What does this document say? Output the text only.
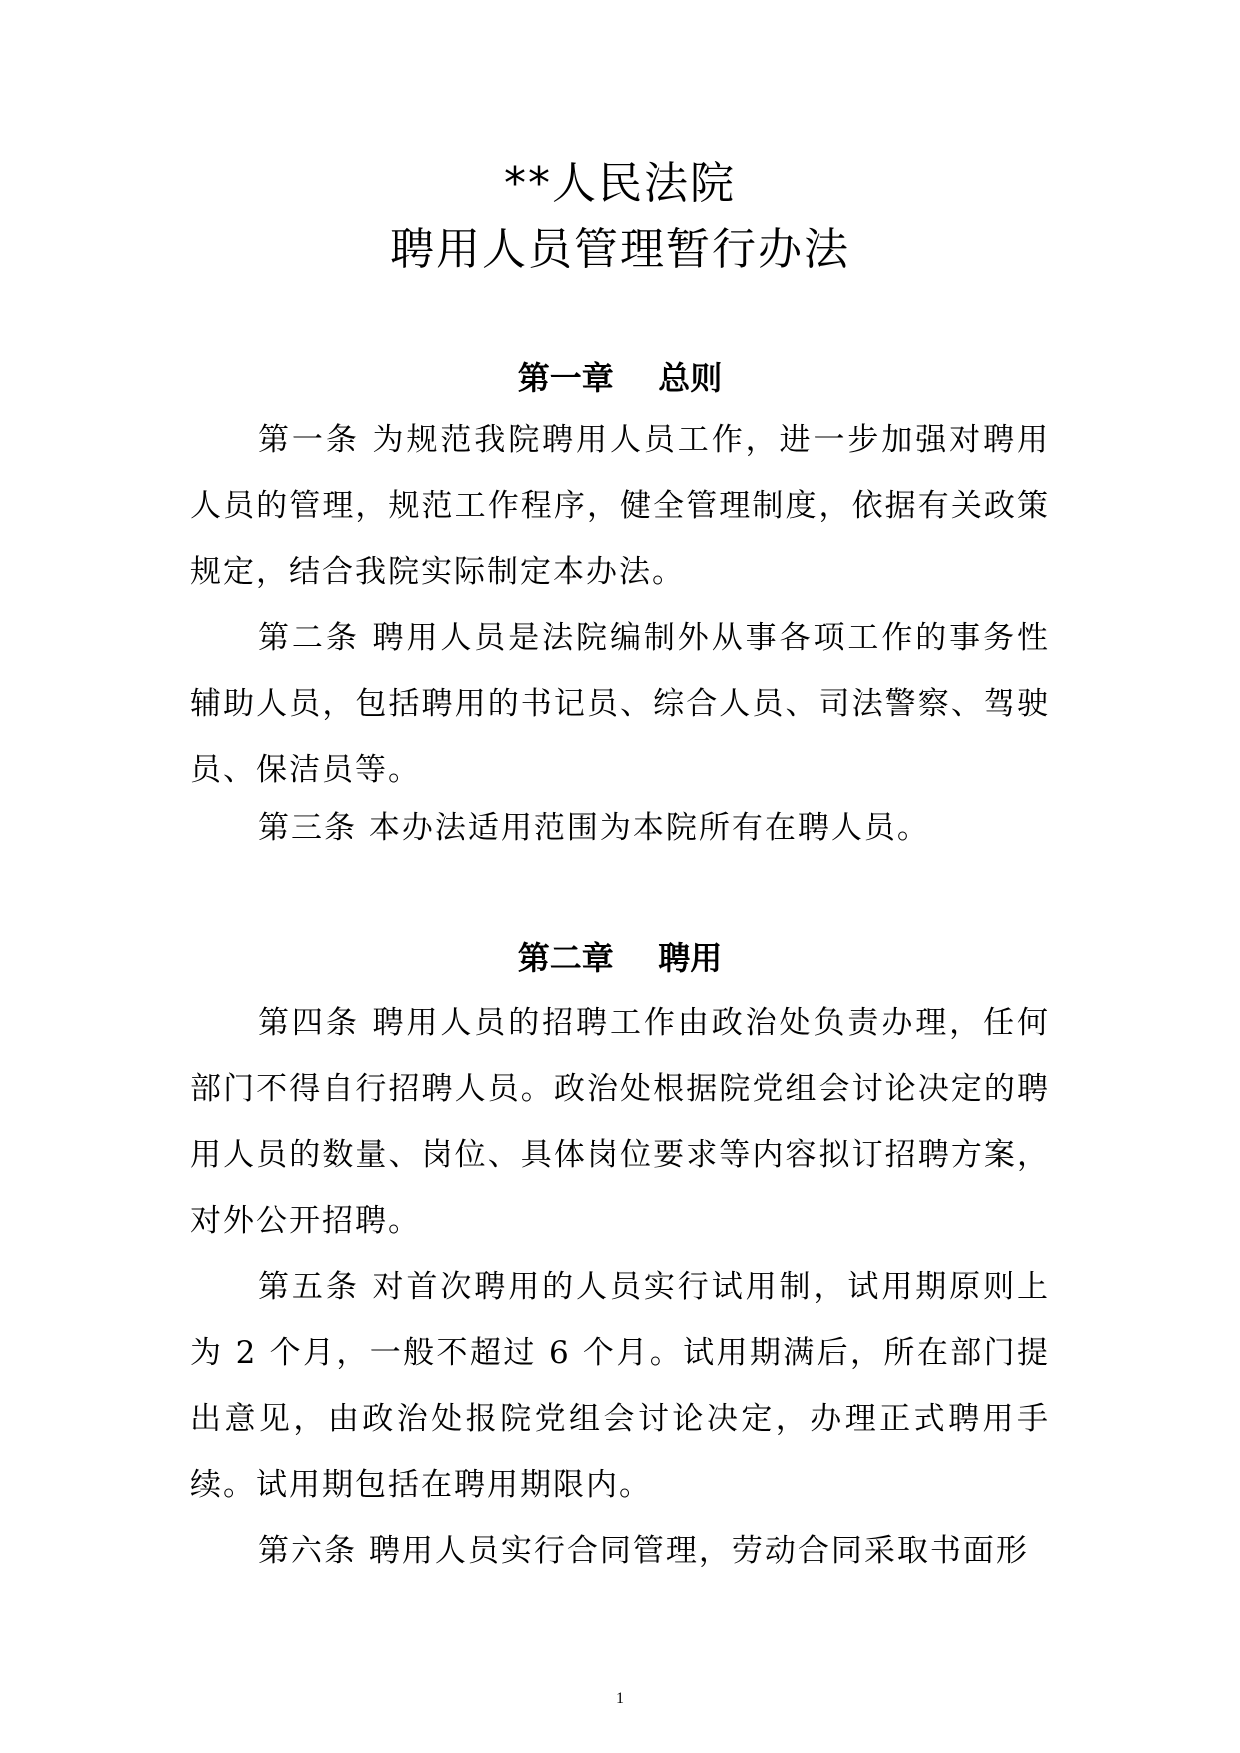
**人民法院
聘用人员管理暂行办法
第一章    总则

第一条 为规范我院聘用人员工作，进一步加强对聘用人员的管理，规范工作程序，健全管理制度，依据有关政策规定，结合我院实际制定本办法。

第二条 聘用人员是法院编制外从事各项工作的事务性辅助人员，包括聘用的书记员、综合人员、司法警察、驾驶员、保洁员等。

第三条 本办法适用范围为本院所有在聘人员。

第二章    聘用

第四条 聘用人员的招聘工作由政治处负责办理，任何部门不得自行招聘人员。政治处根据院党组会讨论决定的聘用人员的数量、岗位、具体岗位要求等内容拟订招聘方案，对外公开招聘。

第五条 对首次聘用的人员实行试用制，试用期原则上为 2 个月，一般不超过 6 个月。试用期满后，所在部门提出意见，由政治处报院党组会讨论决定，办理正式聘用手续。试用期包括在聘用期限内。

第六条 聘用人员实行合同管理，劳动合同采取书面形

1
